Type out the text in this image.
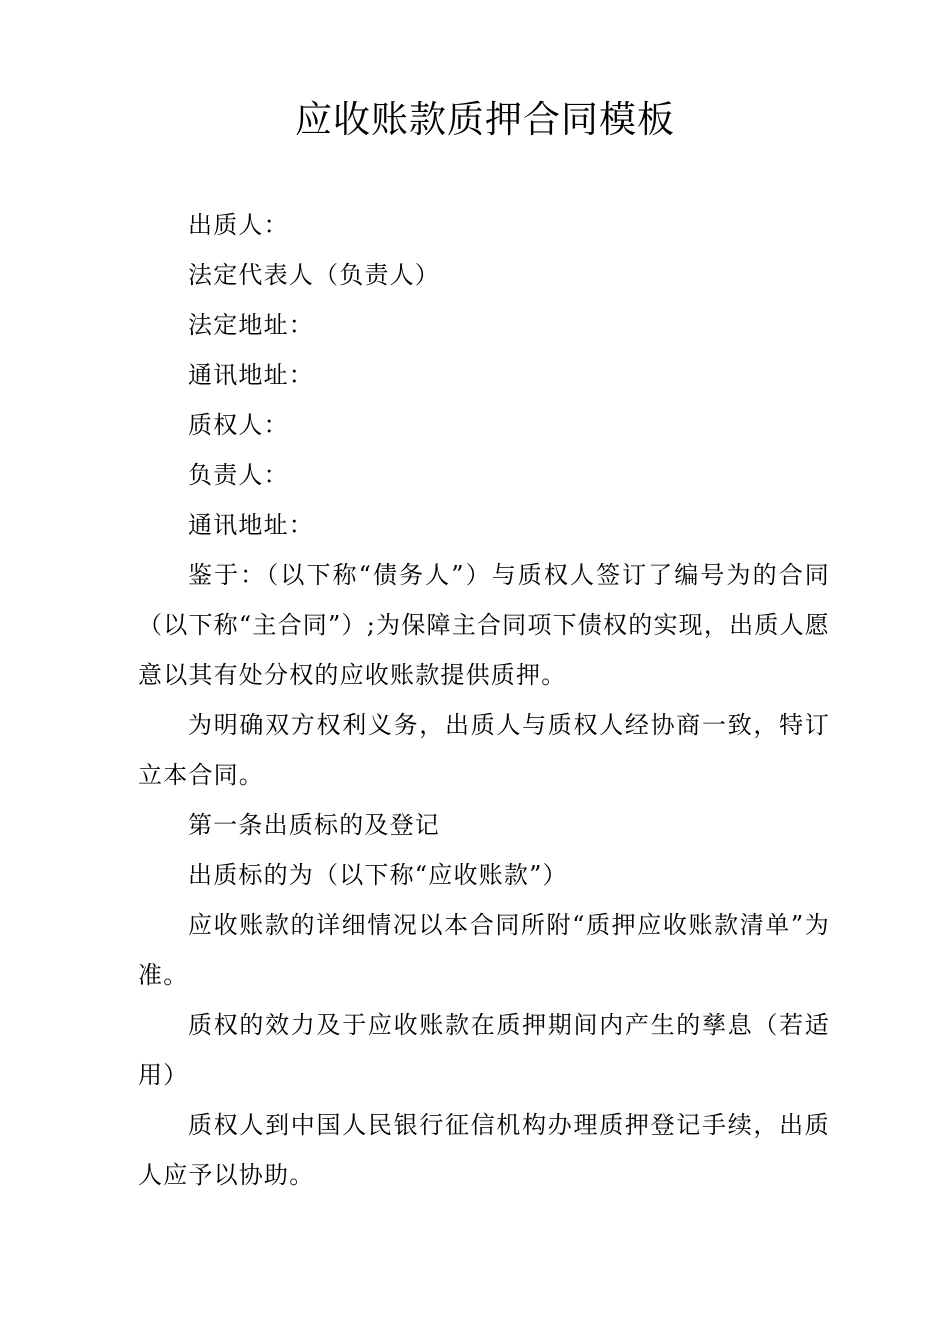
应收账款质押合同模板

出质人：

法定代表人（负责人）

法定地址：

通讯地址：

质权人：

负责人：

通讯地址：

鉴于：（以下称“债务人”）与质权人签订了编号为的合同（以下称“主合同”）;为保障主合同项下债权的实现，出质人愿意以其有处分权的应收账款提供质押。

为明确双方权利义务，出质人与质权人经协商一致，特订立本合同。

第一条出质标的及登记

出质标的为（以下称“应收账款”）

应收账款的详细情况以本合同所附“质押应收账款清单”为准。

质权的效力及于应收账款在质押期间内产生的孳息（若适用）

质权人到中国人民银行征信机构办理质押登记手续，出质人应予以协助。
